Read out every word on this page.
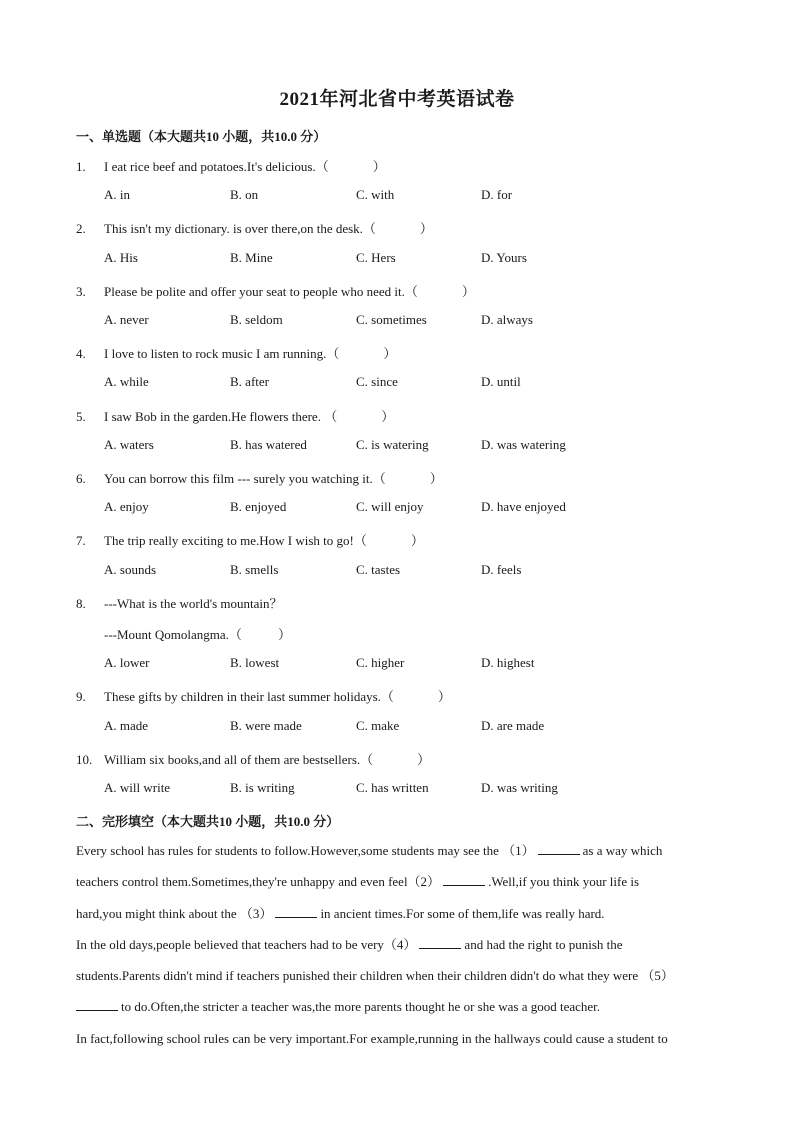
2021年河北省中考英语试卷
一、单选题（本大题共10 小题，共10.0 分）
1. I eat rice beef and potatoes.It's delicious.（	）
A. in	B. on	C. with	D. for
2. This isn't my dictionary. is over there,on the desk.（	）
A. His	B. Mine	C. Hers	D. Yours
3. Please be polite and offer your seat to people who need it.（	）
A. never	B. seldom	C. sometimes	D. always
4. I love to listen to rock music I am running.（	）
A. while	B. after	C. since	D. until
5. I saw Bob in the garden.He flowers there. （	）
A. waters	B. has watered	C. is watering	D. was watering
6. You can borrow this film --- surely you watching it.（	）
A. enjoy	B. enjoyed	C. will enjoy	D. have enjoyed
7. The trip really exciting to me.How I wish to go!（	）
A. sounds	B. smells	C. tastes	D. feels
8. ---What is the world's mountain？
---Mount Qomolangma.（	）
A. lower	B. lowest	C. higher	D. highest
9. These gifts by children in their last summer holidays.（	）
A. made	B. were made	C. make	D. are made
10. William six books,and all of them are bestsellers.（	）
A. will write	B. is writing	C. has written	D. was writing
二、完形填空（本大题共10 小题，共10.0 分）

Every school has rules for students to follow.However,some students may see the （1）	as a way which

teachers control them.Sometimes,they're unhappy and even feel（2）	.Well,if you think your life is

hard,you might think about the （3）	in ancient times.For some of them,life was really hard.

In the old days,people believed that teachers had to be very（4）	and had the right to punish the

students.Parents didn't mind if teachers punished their children when their children didn't do what they were （5）

to do.Often,the stricter a teacher was,the more parents thought he or she was a good teacher.

In fact,following school rules can be very important.For example,running in the hallways could cause a student to
